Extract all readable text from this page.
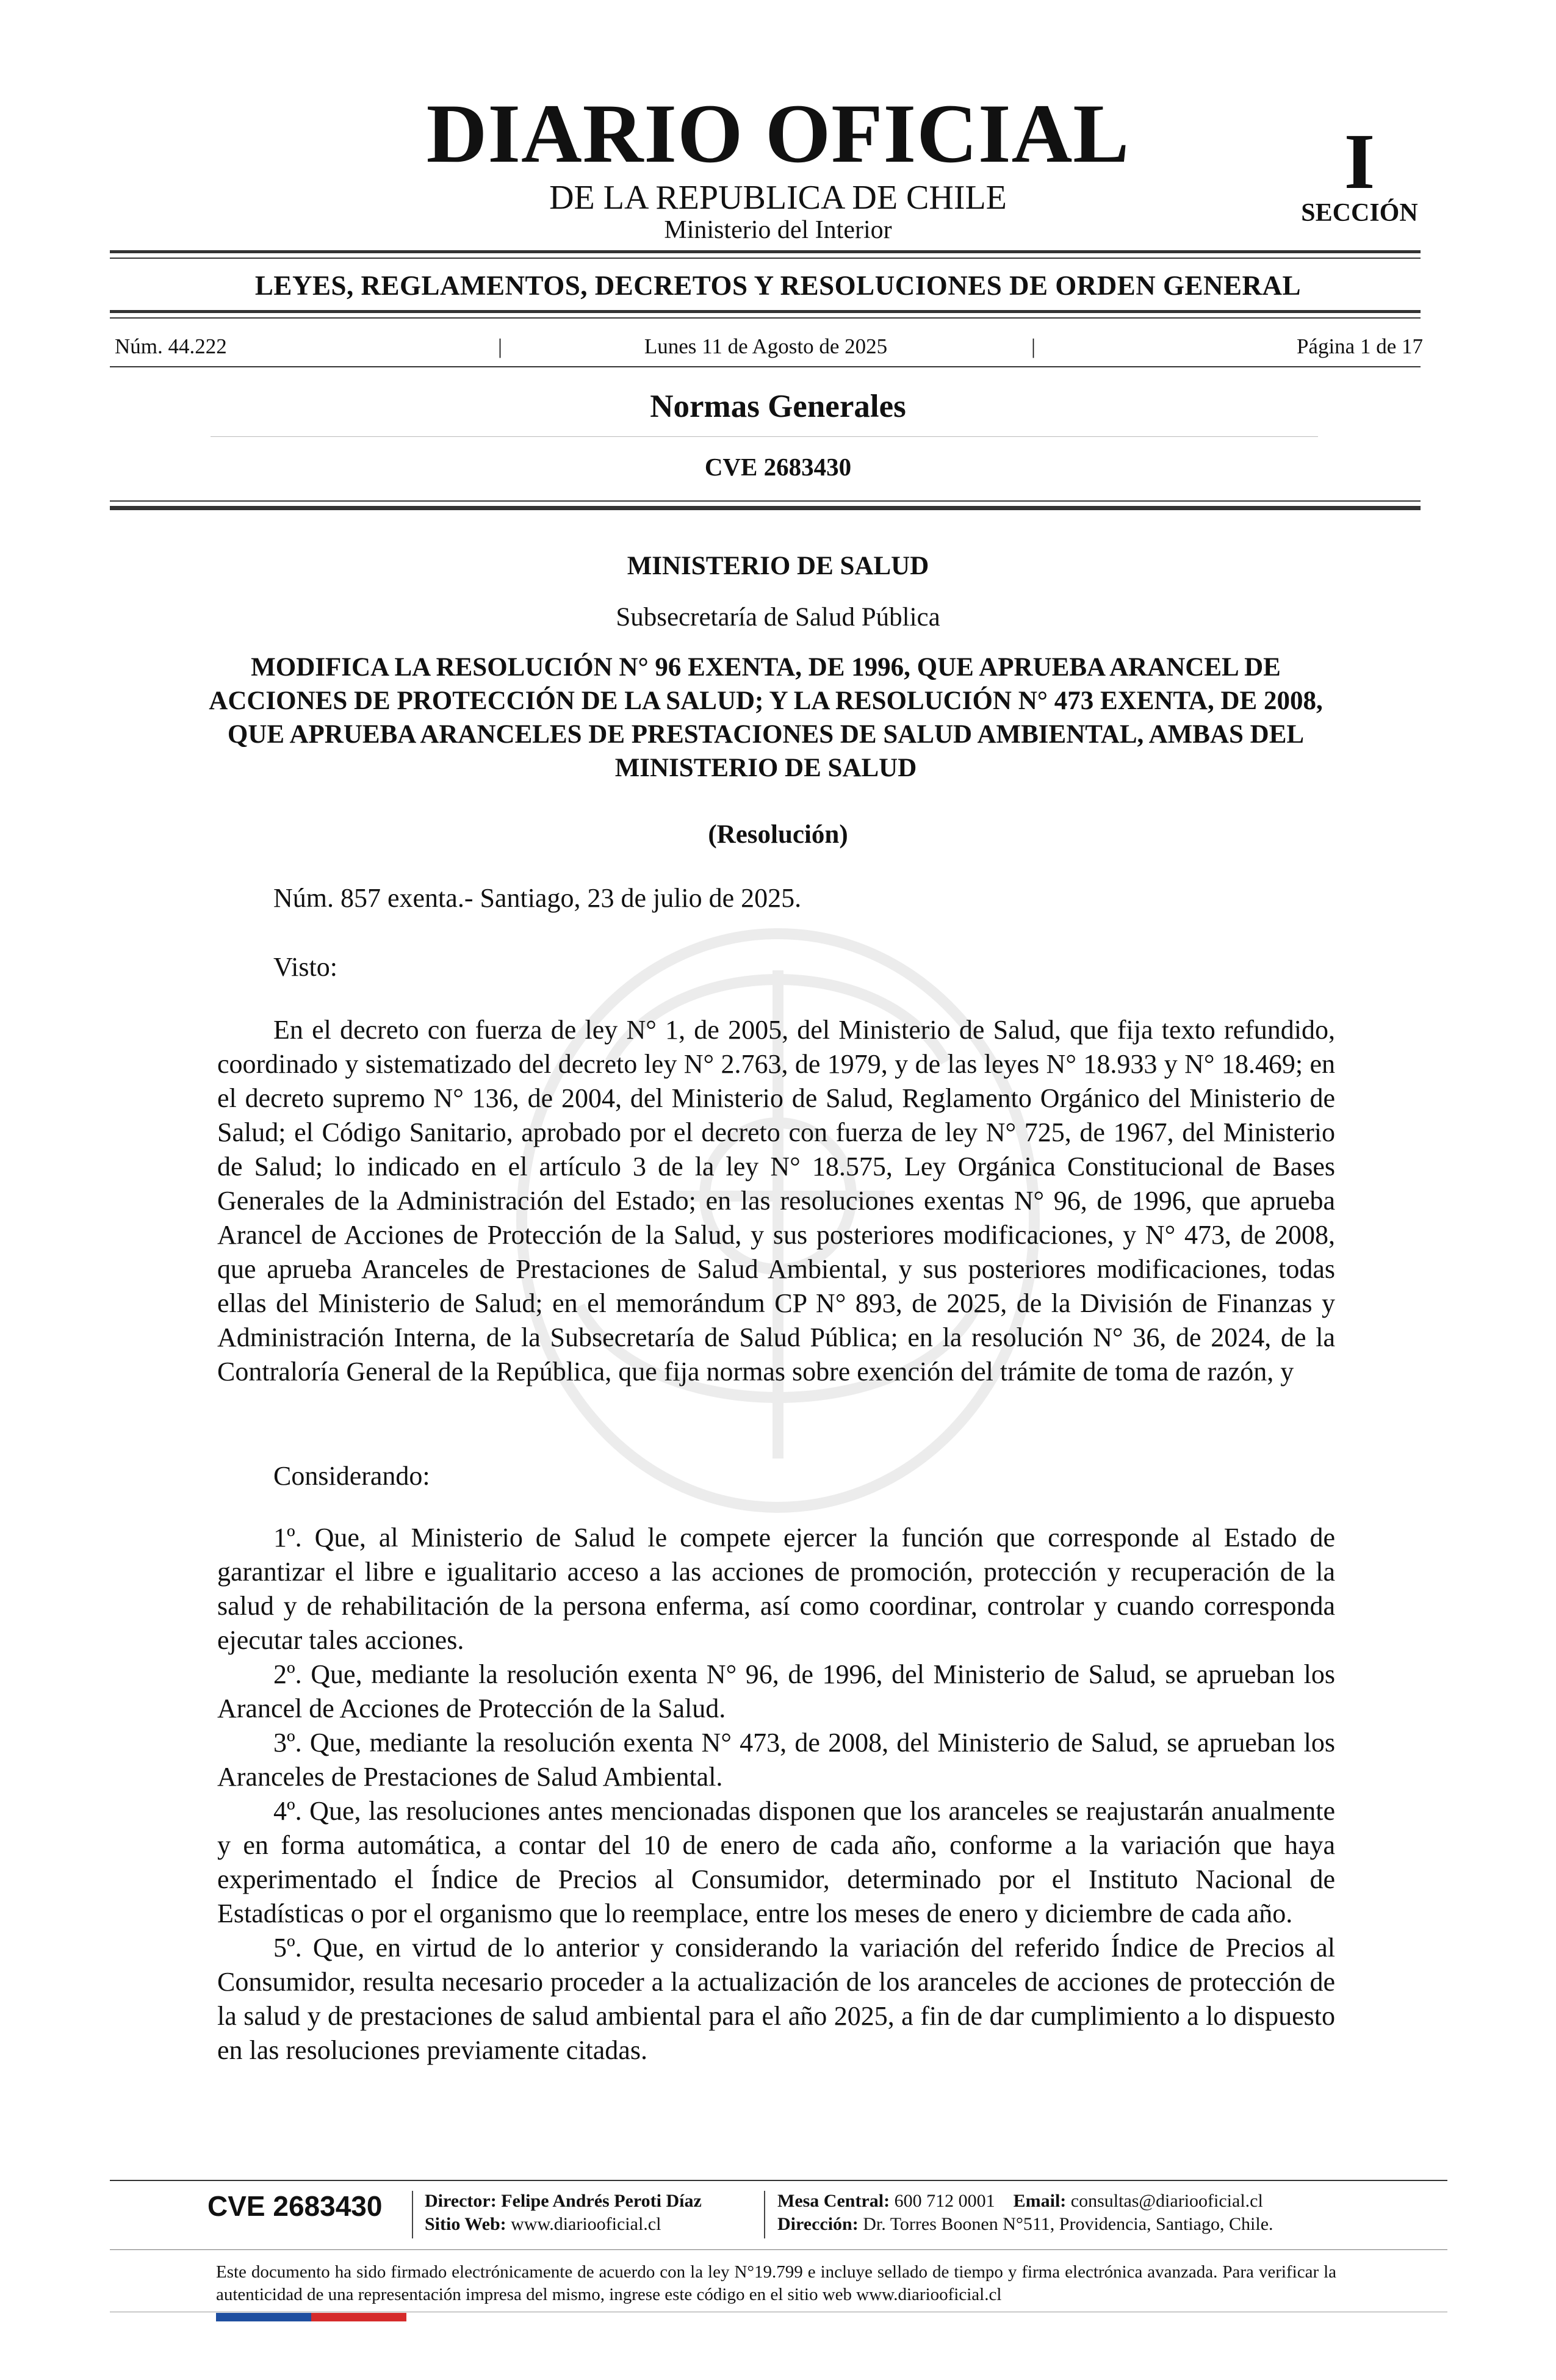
DIARIO OFICIAL
DE LA REPUBLICA DE CHILE
Ministerio del Interior
I
SECCIÓN
LEYES, REGLAMENTOS, DECRETOS Y RESOLUCIONES DE ORDEN GENERAL
Núm. 44.222	|	Lunes 11 de Agosto de 2025	|	Página 1 de 17
Normas Generales
CVE 2683430
MINISTERIO DE SALUD
Subsecretaría de Salud Pública
MODIFICA LA RESOLUCIÓN N° 96 EXENTA, DE 1996, QUE APRUEBA ARANCEL DE ACCIONES DE PROTECCIÓN DE LA SALUD; Y LA RESOLUCIÓN N° 473 EXENTA, DE 2008, QUE APRUEBA ARANCELES DE PRESTACIONES DE SALUD AMBIENTAL, AMBAS DEL MINISTERIO DE SALUD
(Resolución)
Núm. 857 exenta.- Santiago, 23 de julio de 2025.
Visto:

En el decreto con fuerza de ley N° 1, de 2005, del Ministerio de Salud, que fija texto refundido, coordinado y sistematizado del decreto ley N° 2.763, de 1979, y de las leyes N° 18.933 y N° 18.469; en el decreto supremo N° 136, de 2004, del Ministerio de Salud, Reglamento Orgánico del Ministerio de Salud; el Código Sanitario, aprobado por el decreto con fuerza de ley N° 725, de 1967, del Ministerio de Salud; lo indicado en el artículo 3 de la ley N° 18.575, Ley Orgánica Constitucional de Bases Generales de la Administración del Estado; en las resoluciones exentas N° 96, de 1996, que aprueba Arancel de Acciones de Protección de la Salud, y sus posteriores modificaciones, y N° 473, de 2008, que aprueba Aranceles de Prestaciones de Salud Ambiental, y sus posteriores modificaciones, todas ellas del Ministerio de Salud; en el memorándum CP N° 893, de 2025, de la División de Finanzas y Administración Interna, de la Subsecretaría de Salud Pública; en la resolución N° 36, de 2024, de la Contraloría General de la República, que fija normas sobre exención del trámite de toma de razón, y

Considerando:

1º. Que, al Ministerio de Salud le compete ejercer la función que corresponde al Estado de garantizar el libre e igualitario acceso a las acciones de promoción, protección y recuperación de la salud y de rehabilitación de la persona enferma, así como coordinar, controlar y cuando corresponda ejecutar tales acciones.

2º. Que, mediante la resolución exenta N° 96, de 1996, del Ministerio de Salud, se aprueban los Arancel de Acciones de Protección de la Salud.

3º. Que, mediante la resolución exenta N° 473, de 2008, del Ministerio de Salud, se aprueban los Aranceles de Prestaciones de Salud Ambiental.

4º. Que, las resoluciones antes mencionadas disponen que los aranceles se reajustarán anualmente y en forma automática, a contar del 10 de enero de cada año, conforme a la variación que haya experimentado el Índice de Precios al Consumidor, determinado por el Instituto Nacional de Estadísticas o por el organismo que lo reemplace, entre los meses de enero y diciembre de cada año.

5º. Que, en virtud de lo anterior y considerando la variación del referido Índice de Precios al Consumidor, resulta necesario proceder a la actualización de los aranceles de acciones de protección de la salud y de prestaciones de salud ambiental para el año 2025, a fin de dar cumplimiento a lo dispuesto en las resoluciones previamente citadas.

CVE 2683430 Director: Felipe Andrés Peroti Díaz
Sitio Web: www.diariooficial.cl
Mesa Central: 600 712 0001 Email: consultas@diariooficial.cl
Dirección: Dr. Torres Boonen N°511, Providencia, Santiago, Chile.
Este documento ha sido firmado electrónicamente de acuerdo con la ley N°19.799 e incluye sellado de tiempo y firma electrónica avanzada. Para verificar la autenticidad de una representación impresa del mismo, ingrese este código en el sitio web www.diariooficial.cl
